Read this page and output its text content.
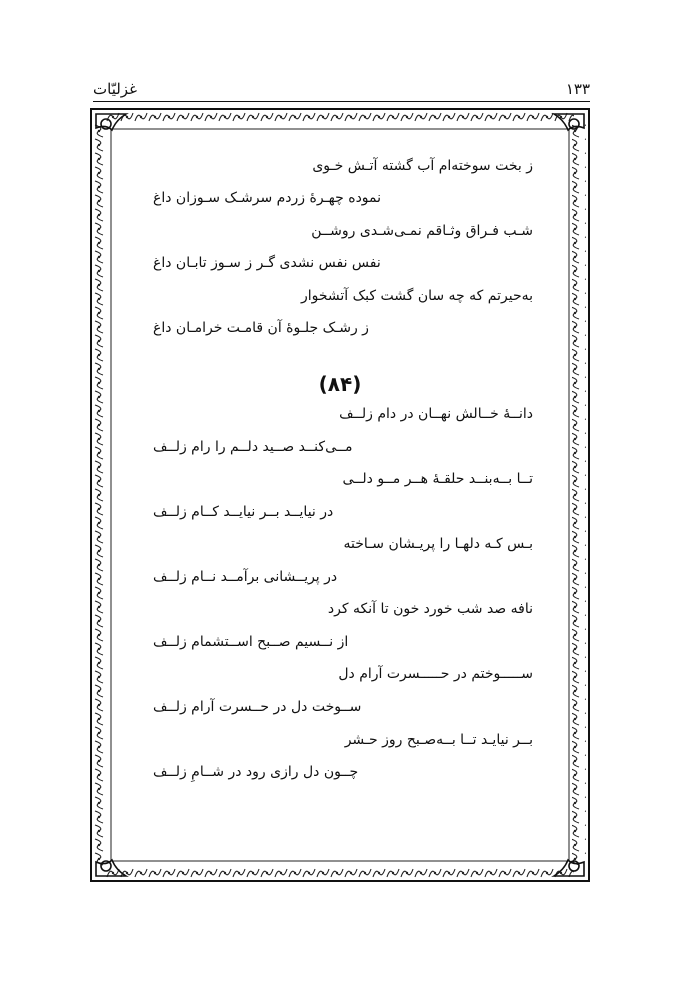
۱۳۳
غزلیّات
ز بخت سوخته‌ام آب گشته آتـش خـوی
نموده چهـرهٔ زردم سرشـک سـوزان داغ
شـب فـراق وثـاقم نمـی‌شـدی روشــن
نفس نفس نشدی گـر ز سـوز تابـان داغ
به‌حیرتم که چه سان گشت کبک آتشخوار
ز رشـک جلـوهٔ آن قامـت خرامـان داغ
(۸۴)
دانــهٔ خــالش نهــان در دام زلــف
مــی‌کنــد صــید دلــم را رام زلــف
تــا بــه‌بنــد حلقـهٔ هــر مــو دلــی
در نیایــد بــر نیایــد کــام زلــف
بـس کـه دلهـا را پریـشان سـاخته
در پریــشانی برآمــد نــام زلــف
نافه صد شب خورد خون تا آنکه کرد
از نــسیم صــبح اســتشمام زلــف
ســـــوختم در حـــــسرت آرام دل
ســوخت دل در حــسرت آرام زلــف
بــر نیایـد تــا بــه‌صـبح روز حـشر
چــون دل رازی رود در شــامِ زلــف
